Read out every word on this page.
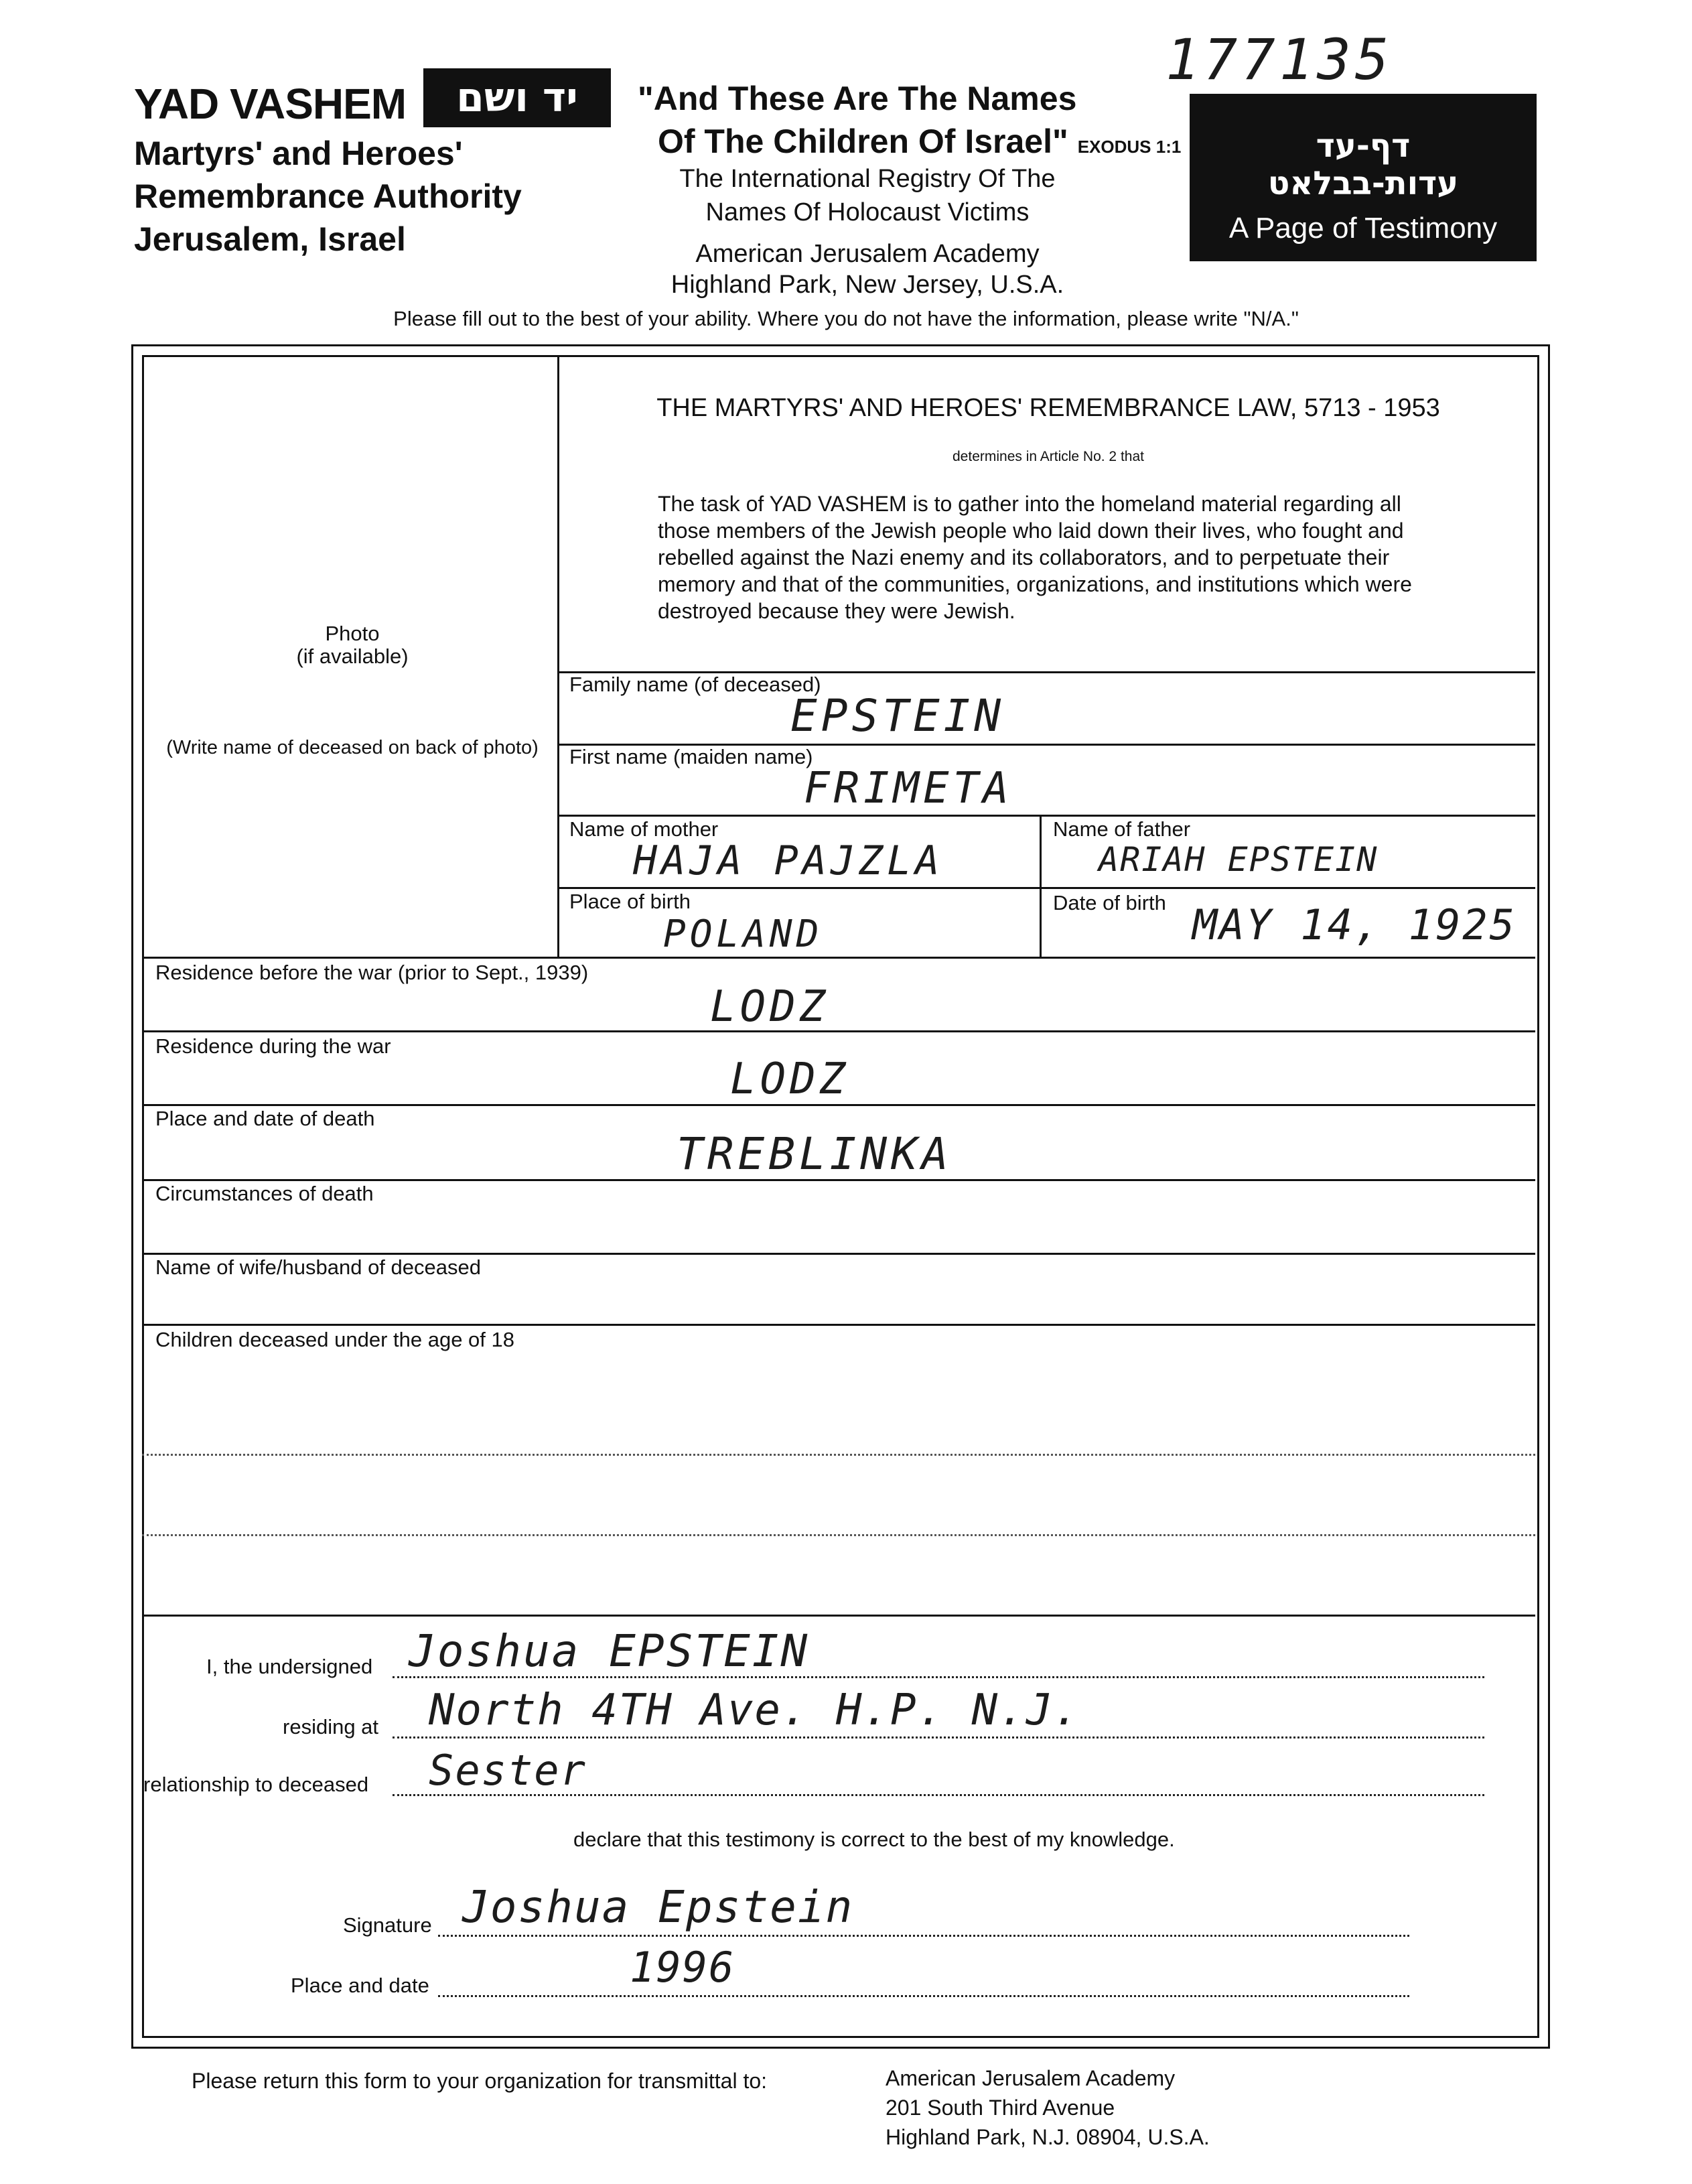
YAD VASHEM	יד ושם
Martyrs' and Heroes'
Remembrance Authority
Jerusalem, Israel
"And These Are The Names
Of The Children Of Israel" EXODUS 1:1
The International Registry Of The
Names Of Holocaust Victims
American Jerusalem Academy
Highland Park, New Jersey, U.S.A.
177135
דף-עד
עדות-בבלאט
A Page of Testimony
Please fill out to the best of your ability. Where you do not have the information, please write "N/A."
THE MARTYRS' AND HEROES' REMEMBRANCE LAW, 5713 - 1953
determines in Article No. 2 that
The task of YAD VASHEM is to gather into the homeland material regarding all those members of the Jewish people who laid down their lives, who fought and rebelled against the Nazi enemy and its collaborators, and to perpetuate their memory and that of the communities, organizations, and institutions which were destroyed because they were Jewish.
Photo
(if available)
(Write name of deceased on back of photo)
Family name (of deceased)
EPSTEIN
First name (maiden name)
FRIMETA
Name of mother
HAJA PAJZLA
Name of father
ARIAH EPSTEIN
Place of birth
POLAND
Date of birth MAY 14, 1925
Residence before the war (prior to Sept., 1939)
LODZ
Residence during the war
LODZ
Place and date of death
TREBLINKA
Circumstances of death
Name of wife/husband of deceased
Children deceased under the age of 18
I, the undersigned Joshua EPSTEIN
residing at North 4TH Ave. H.P. N.J.
relationship to deceased Sester
declare that this testimony is correct to the best of my knowledge.
Signature Joshua Epstein
Place and date	1996
Please return this form to your organization for transmittal to:	American Jerusalem Academy
201 South Third Avenue
Highland Park, N.J. 08904, U.S.A.
